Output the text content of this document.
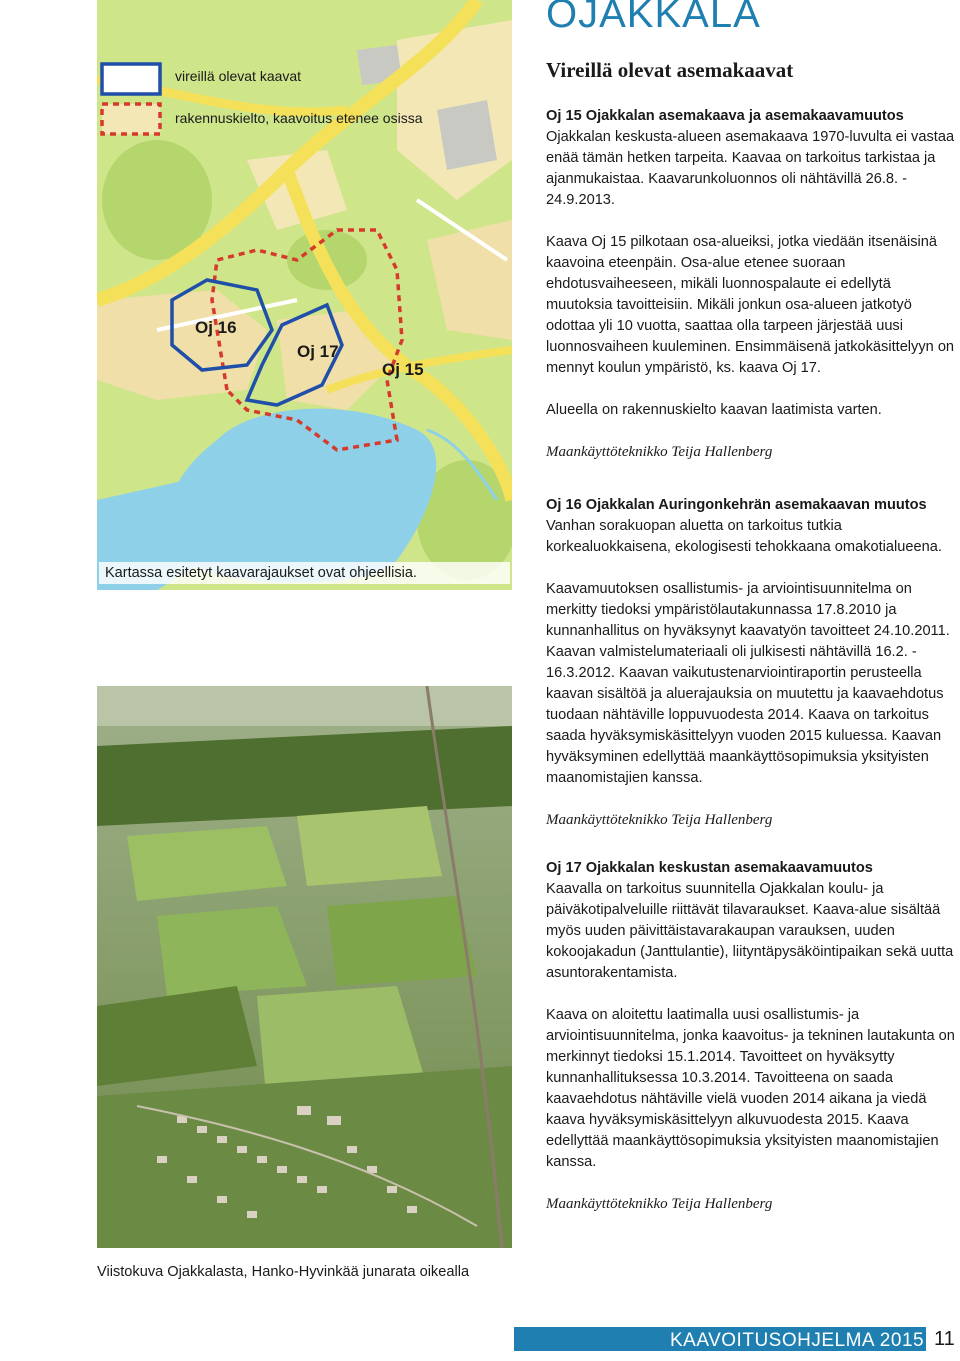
OJAKKALA
Vireillä olevat asemakaavat
vireillä olevat kaavat
rakennuskielto, kaavoitus etenee osissa
Oj 16
Oj 17
Oj 15
Kartassa esitetyt kaavarajaukset ovat ohjeellisia.
Viistokuva Ojakkalasta, Hanko-Hyvinkää junarata oikealla

Oj 15 Ojakkalan asemakaava ja asemakaavamuutos

Ojakkalan keskusta-alueen asemakaava 1970-luvulta ei vastaa enää tämän hetken tarpeita. Kaavaa on tarkoitus tarkistaa ja ajanmukaistaa. Kaavarunkoluonnos oli nähtävillä 26.8. - 24.9.2013.

Kaava Oj 15 pilkotaan osa-alueiksi, jotka viedään itsenäisinä kaavoina eteenpäin. Osa-alue etenee suoraan ehdotusvaiheeseen, mikäli luonnospalaute ei edellytä muutoksia tavoitteisiin. Mikäli jonkun osa-alueen jatkotyö odottaa yli 10 vuotta, saattaa olla tarpeen järjestää uusi luonnosvaiheen kuuleminen. Ensimmäisenä jatkokäsittelyyn on mennyt koulun ympäristö, ks. kaava Oj 17.

Alueella on rakennuskielto kaavan laatimista varten.

Maankäyttöteknikko Teija Hallenberg

Oj 16 Ojakkalan Auringonkehrän asemakaavan muutos

Vanhan sorakuopan aluetta on tarkoitus tutkia korkealuokkaisena, ekologisesti tehokkaana omakotialueena.

Kaavamuutoksen osallistumis- ja arviointisuunnitelma on merkitty tiedoksi ympäristölautakunnassa 17.8.2010 ja kunnanhallitus on hyväksynyt kaavatyön tavoitteet 24.10.2011. Kaavan valmistelumateriaali oli julkisesti nähtävillä 16.2. - 16.3.2012. Kaavan vaikutustenarviointiraportin perusteella kaavan sisältöä ja aluerajauksia on muutettu ja kaavaehdotus tuodaan nähtäville loppuvuodesta 2014. Kaava on tarkoitus saada hyväksymiskäsittelyyn vuoden 2015 kuluessa. Kaavan hyväksyminen edellyttää maankäyttösopimuksia yksityisten maanomistajien kanssa.

Maankäyttöteknikko Teija Hallenberg

Oj 17 Ojakkalan keskustan asemakaavamuutos

Kaavalla on tarkoitus suunnitella Ojakkalan koulu- ja päiväkotipalveluille riittävät tilavaraukset. Kaava-alue sisältää myös uuden päivittäistavarakaupan varauksen, uuden kokoojakadun (Janttulantie), liityntäpysäköintipaikan sekä uutta asuntorakentamista.

Kaava on aloitettu laatimalla uusi osallistumis- ja arviointisuunnitelma, jonka kaavoitus- ja tekninen lautakunta on merkinnyt tiedoksi 15.1.2014. Tavoitteet on hyväksytty kunnanhallituksessa 10.3.2014. Tavoitteena on saada kaavaehdotus nähtäville vielä vuoden 2014 aikana ja viedä kaava hyväksymiskäsittelyyn alkuvuodesta 2015. Kaava edellyttää maankäyttösopimuksia yksityisten maanomistajien kanssa.

Maankäyttöteknikko Teija Hallenberg

KAAVOITUSOHJELMA 2015 11
